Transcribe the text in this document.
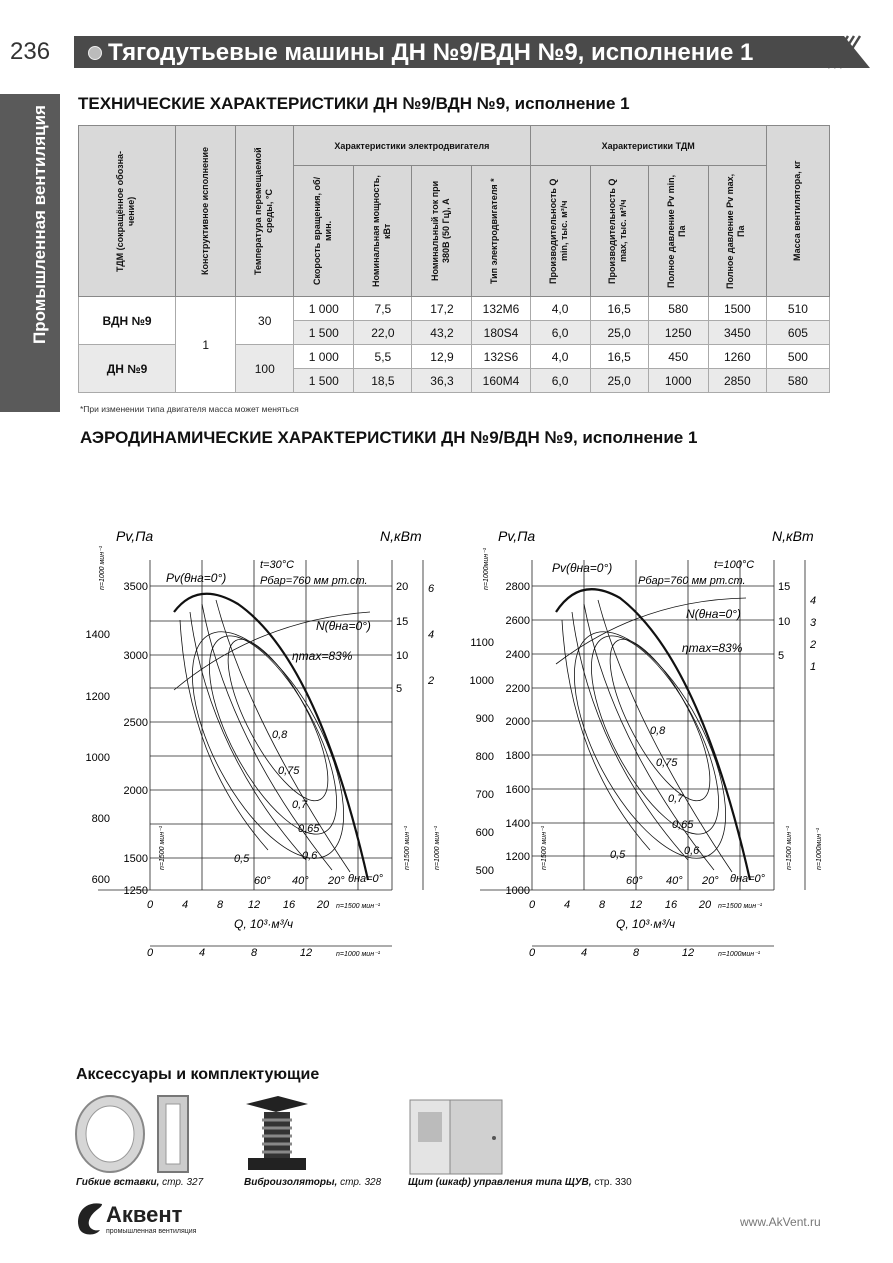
236 Тягодутьевые машины ДН №9/ВДН №9, исполнение 1
Промышленная вентиляция
ТЕХНИЧЕСКИЕ ХАРАКТЕРИСТИКИ ДН №9/ВДН №9, исполнение 1
ТДМ (сокращённое обозна-чение)	Конструктивное исполнение	Температура перемещаемой среды, °С	Характеристики электродвигателя				Характеристики ТДМ				Масса вентилятора, кг

			Скорость вращения, об/мин.	Номинальная мощность, кВт	Номинальный ток при 380В (50 Гц), А	Тип электродвигателя *	Производительность Q min, тыс. м³/ч	Производительность Q max, тыс. м³/ч	Полное давление Pv min, Па	Полное давление Pv max, Па	

ВДН №9	1	30	1 000	7,5	17,2	132M6	4,0	16,5	580	1500	510
			1 500	22,0	43,2	180S4	6,0	25,0	1250	3450	605
ДН №9		100	1 000	5,5	12,9	132S6	4,0	16,5	450	1260	500
			1 500	18,5	36,3	160M4	6,0	25,0	1000	2850	580
*При изменении типа двигателя масса может меняться
АЭРОДИНАМИЧЕСКИЕ ХАРАКТЕРИСТИКИ ДН №9/ВДН №9, исполнение 1
Pv,Па	N,кВт
t=30°C
Pбар=760 мм рт.ст.
Pv(θна=0°)
N(θна=0°)
ηmax=83%
0,8
0,75
0,7
0,65
0,6
0,5
60° 40° 20° θна=0°
3500
3000
2500
2000
1500
1250
1400
1200
1000
800
600
20
15
10
5
6
4
2
n=1000 мин⁻¹
n=1500 мин⁻¹	n=1500 мин⁻¹	n=1000 мин⁻¹
0	4	8 12 16 20 n=1500 мин⁻¹
Q, 10³·м³/ч
0	4	8	12	n=1000 мин⁻¹
Pv,Па	N,кВт
t=100°C
Pбар=760 мм рт.ст.
Pv(θна=0°)
N(θна=0°)
ηmax=83%
0,8
0,75
0,7
0,65
0,6
0,5
60° 40° 20° θна=0°
2800
2600
2400
2200
2000
1800
1600
1400
1200
1000
1100
1000
900
800
700
600
500
15
10
5
4
3
2
1
n=1000мин⁻¹
n=1500 мин⁻¹	n=1500 мин⁻¹	n=1000мин⁻¹
0	4	8 12 16 20 n=1500 мин⁻¹
Q, 10³·м³/ч
0	4	8	12	n=1000мин⁻¹
Аксессуары и комплектующие
Гибкие вставки, стр. 327	Виброизоляторы, стр. 328	Щит (шкаф) управления типа ЩУВ, стр. 330
Аквент
промышленная вентиляция
www.AkVent.ru
